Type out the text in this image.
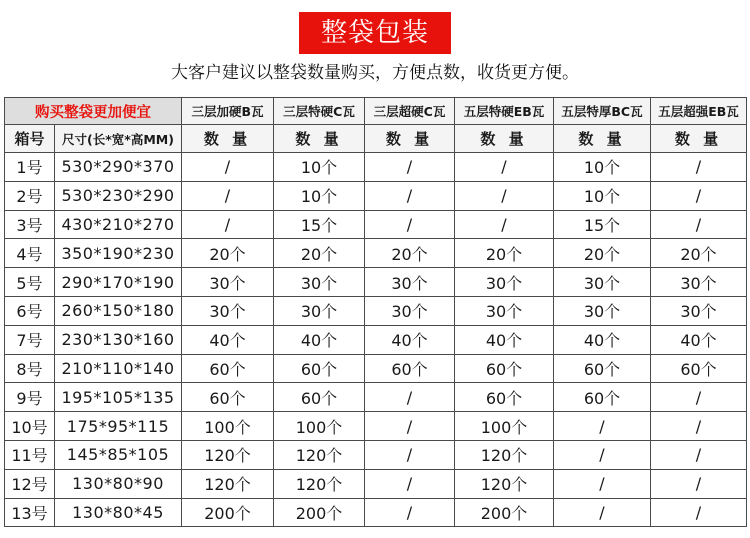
整袋包装
大客户建议以整袋数量购买，方便点数，收货更方便。
购买整袋更加便宜		三层加硬B瓦	三层特硬C瓦	三层超硬C瓦	五层特硬EB瓦	五层特厚BC瓦	五层超强EB瓦
箱号	尺寸(长*宽*高MM)	数 量	数 量	数 量	数 量	数 量	数 量
1号	530*290*370	/	10个	/	/	10个	/
2号	530*230*290	/	10个	/	/	10个	/
3号	430*210*270	/	15个	/	/	15个	/
4号	350*190*230	20个	20个	20个	20个	20个	20个
5号	290*170*190	30个	30个	30个	30个	30个	30个
6号	260*150*180	30个	30个	30个	30个	30个	30个
7号	230*130*160	40个	40个	40个	40个	40个	40个
8号	210*110*140	60个	60个	60个	60个	60个	60个
9号	195*105*135	60个	60个	/	60个	60个	/
10号	175*95*115	100个	100个	/	100个	/	/
11号	145*85*105	120个	120个	/	120个	/	/
12号	130*80*90	120个	120个	/	120个	/	/
13号	130*80*45	200个	200个	/	200个	/	/
